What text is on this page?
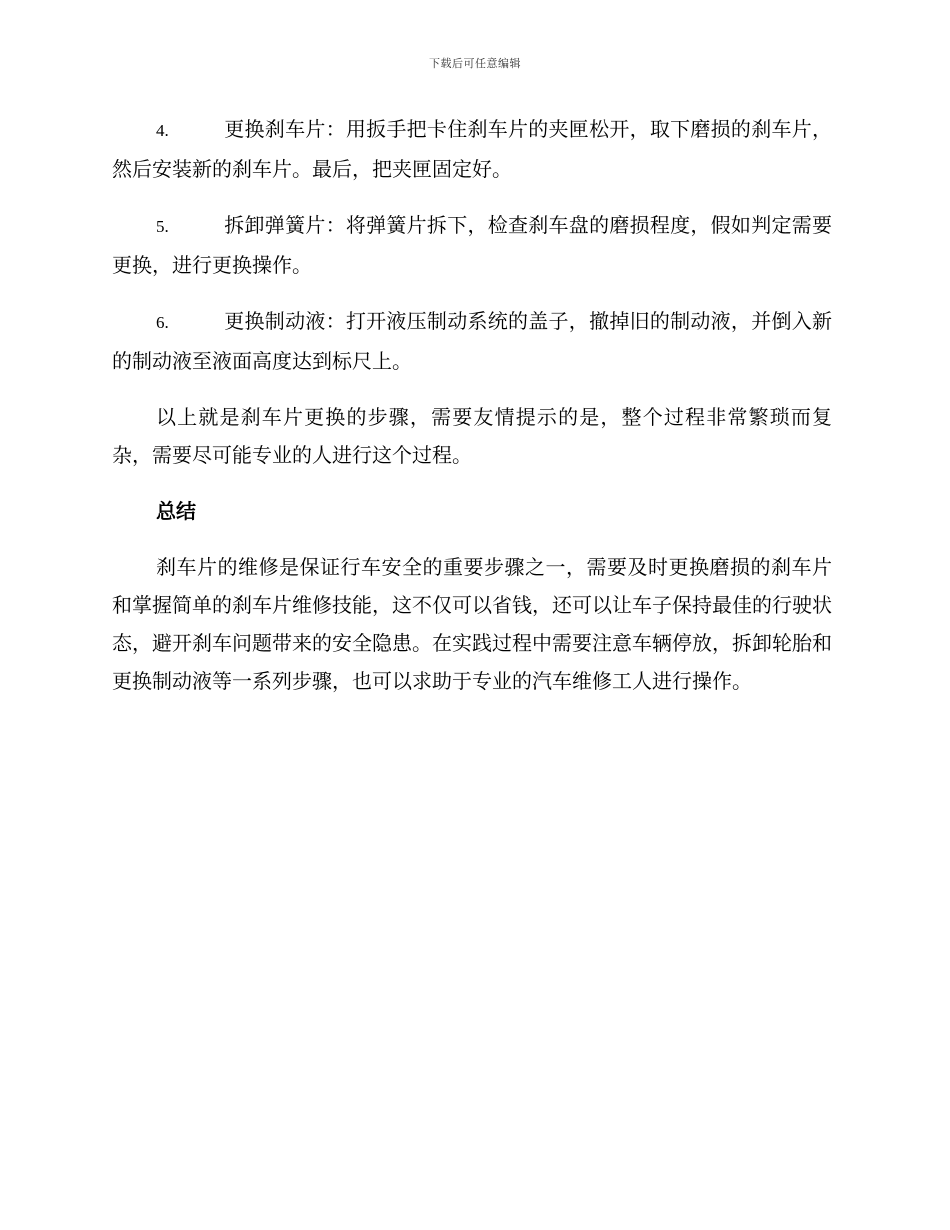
下载后可任意编辑

4.	更换刹车片：用扳手把卡住刹车片的夹匣松开，取下磨损的刹车片，然后安装新的刹车片。最后，把夹匣固定好。

5.	拆卸弹簧片：将弹簧片拆下，检查刹车盘的磨损程度，假如判定需要更换，进行更换操作。

6.	更换制动液：打开液压制动系统的盖子，撤掉旧的制动液，并倒入新的制动液至液面高度达到标尺上。

以上就是刹车片更换的步骤，需要友情提示的是，整个过程非常繁琐而复杂，需要尽可能专业的人进行这个过程。

总结

刹车片的维修是保证行车安全的重要步骤之一，需要及时更换磨损的刹车片和掌握简单的刹车片维修技能，这不仅可以省钱，还可以让车子保持最佳的行驶状态，避开刹车问题带来的安全隐患。在实践过程中需要注意车辆停放，拆卸轮胎和更换制动液等一系列步骤，也可以求助于专业的汽车维修工人进行操作。
